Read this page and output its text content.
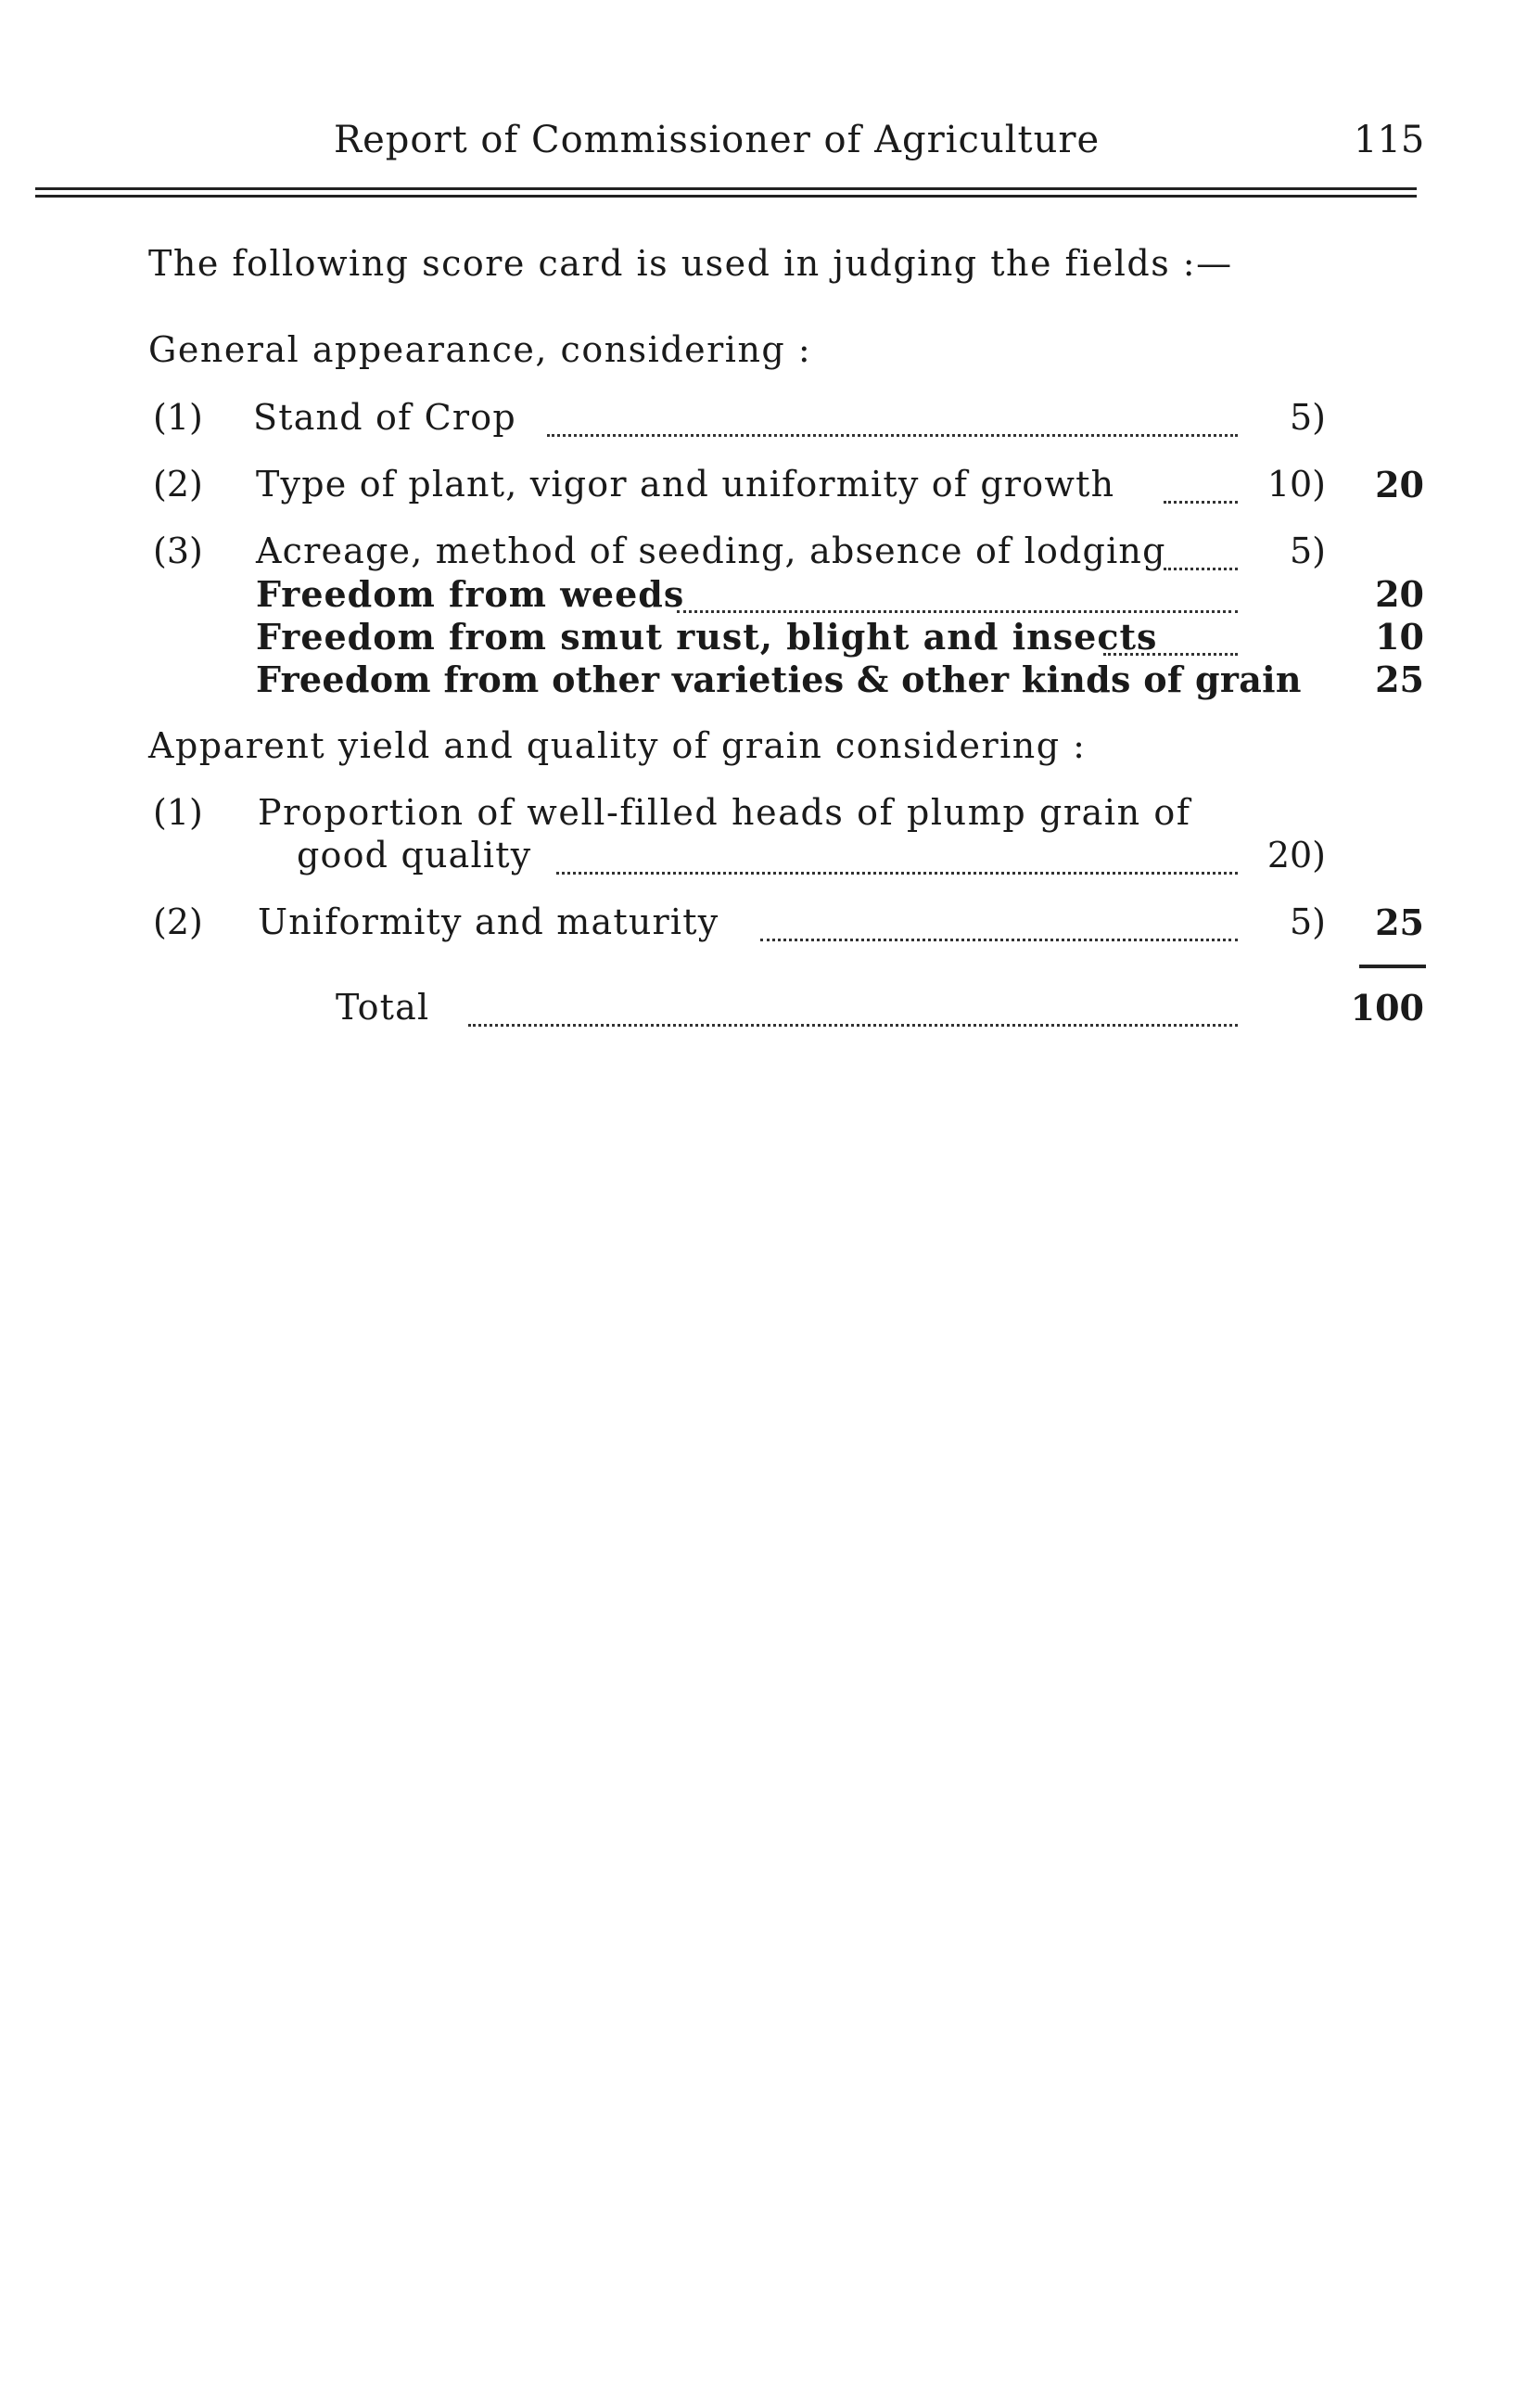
Report of Commissioner of Agriculture	115
The following score card is used in judging the fields :—
General appearance, considering :
(1) Stand of Crop	5)
(2) Type of plant, vigor and uniformity of growth	10)	20
(3) Acreage, method of seeding, absence of lodging	5)
Freedom from weeds	20
Freedom from smut rust, blight and insects	10
Freedom from other varieties & other kinds of grain	25
Apparent yield and quality of grain considering :
(1) Proportion of well-filled heads of plump grain of
good quality	20)
(2) Uniformity and maturity	5)	25
Total	100
